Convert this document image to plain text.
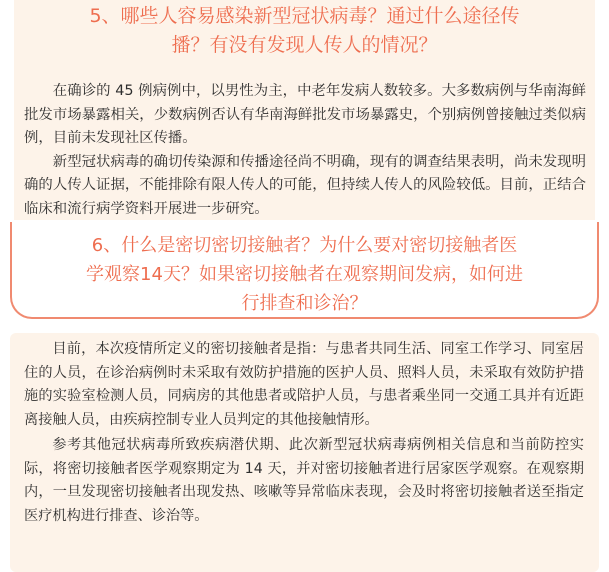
5、哪些人容易感染新型冠状病毒？通过什么途径传
播？有没有发现人传人的情况？

在确诊的 45 例病例中，以男性为主，中老年发病人数较多。大多数病例与华南海鲜批发市场暴露相关，少数病例否认有华南海鲜批发市场暴露史，个别病例曾接触过类似病例，目前未发现社区传播。

新型冠状病毒的确切传染源和传播途径尚不明确，现有的调查结果表明，尚未发现明确的人传人证据，不能排除有限人传人的可能，但持续人传人的风险较低。目前，正结合临床和流行病学资料开展进一步研究。

6、什么是密切密切接触者？为什么要对密切接触者医
学观察14天？如果密切接触者在观察期间发病，如何进
行排查和诊治？

目前，本次疫情所定义的密切接触者是指：与患者共同生活、同室工作学习、同室居住的人员，在诊治病例时未采取有效防护措施的医护人员、照料人员，未采取有效防护措施的实验室检测人员，同病房的其他患者或陪护人员，与患者乘坐同一交通工具并有近距离接触人员，由疾病控制专业人员判定的其他接触情形。

参考其他冠状病毒所致疾病潜伏期、此次新型冠状病毒病例相关信息和当前防控实际，将密切接触者医学观察期定为 14 天，并对密切接触者进行居家医学观察。在观察期内，一旦发现密切接触者出现发热、咳嗽等异常临床表现，会及时将密切接触者送至指定医疗机构进行排查、诊治等。
